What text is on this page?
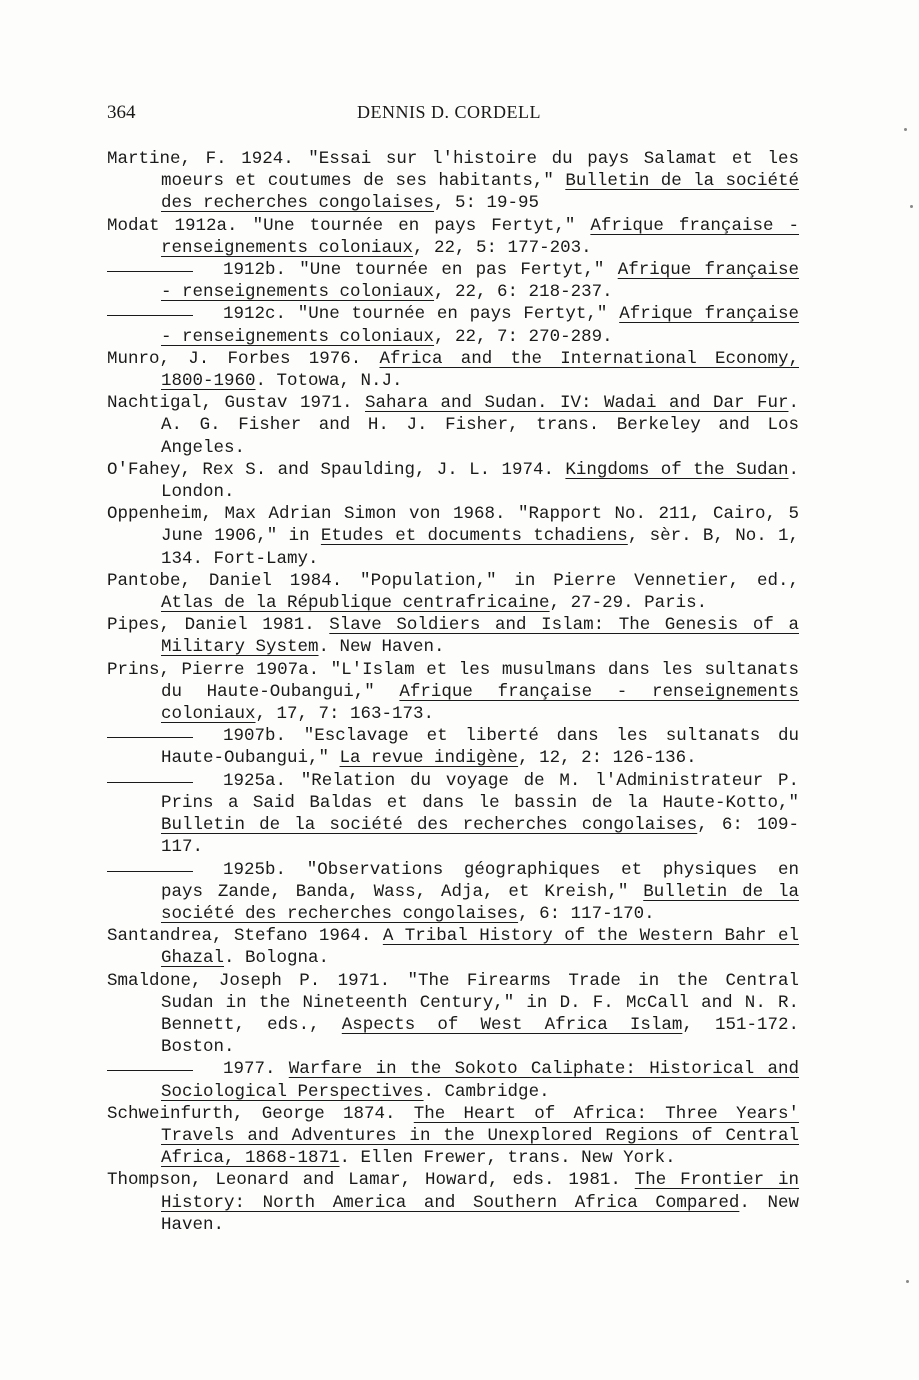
364	DENNIS D. CORDELL
Martine, F. 1924. "Essai sur l'histoire du pays Salamat et les moeurs et coutumes de ses habitants," Bulletin de la société des recherches congolaises, 5: 19-95
Modat 1912a. "Une tournée en pays Fertyt," Afrique française - renseignements coloniaux, 22, 5: 177-203.
1912b. "Une tournée en pas Fertyt," Afrique française - renseignements coloniaux, 22, 6: 218-237.
1912c. "Une tournée en pays Fertyt," Afrique française - renseignements coloniaux, 22, 7: 270-289.
Munro, J. Forbes 1976. Africa and the International Economy, 1800-1960. Totowa, N.J.
Nachtigal, Gustav 1971. Sahara and Sudan. IV: Wadai and Dar Fur. A. G. Fisher and H. J. Fisher, trans. Berkeley and Los Angeles.
O'Fahey, Rex S. and Spaulding, J. L. 1974. Kingdoms of the Sudan. London.
Oppenheim, Max Adrian Simon von 1968. "Rapport No. 211, Cairo, 5 June 1906," in Etudes et documents tchadiens, sèr. B, No. 1, 134. Fort-Lamy.
Pantobe, Daniel 1984. "Population," in Pierre Vennetier, ed., Atlas de la République centrafricaine, 27-29. Paris.
Pipes, Daniel 1981. Slave Soldiers and Islam: The Genesis of a Military System. New Haven.
Prins, Pierre 1907a. "L'Islam et les musulmans dans les sultanats du Haute-Oubangui," Afrique française - renseignements coloniaux, 17, 7: 163-173.
1907b. "Esclavage et liberté dans les sultanats du Haute-Oubangui," La revue indigène, 12, 2: 126-136.
1925a. "Relation du voyage de M. l'Administrateur P. Prins a Said Baldas et dans le bassin de la Haute-Kotto," Bulletin de la société des recherches congolaises, 6: 109-117.
1925b. "Observations géographiques et physiques en pays Zande, Banda, Wass, Adja, et Kreish," Bulletin de la société des recherches congolaises, 6: 117-170.
Santandrea, Stefano 1964. A Tribal History of the Western Bahr el Ghazal. Bologna.
Smaldone, Joseph P. 1971. "The Firearms Trade in the Central Sudan in the Nineteenth Century," in D. F. McCall and N. R. Bennett, eds., Aspects of West Africa Islam, 151-172. Boston.
1977. Warfare in the Sokoto Caliphate: Historical and Sociological Perspectives. Cambridge.
Schweinfurth, George 1874. The Heart of Africa: Three Years' Travels and Adventures in the Unexplored Regions of Central Africa, 1868-1871. Ellen Frewer, trans. New York.
Thompson, Leonard and Lamar, Howard, eds. 1981. The Frontier in History: North America and Southern Africa Compared. New Haven.
